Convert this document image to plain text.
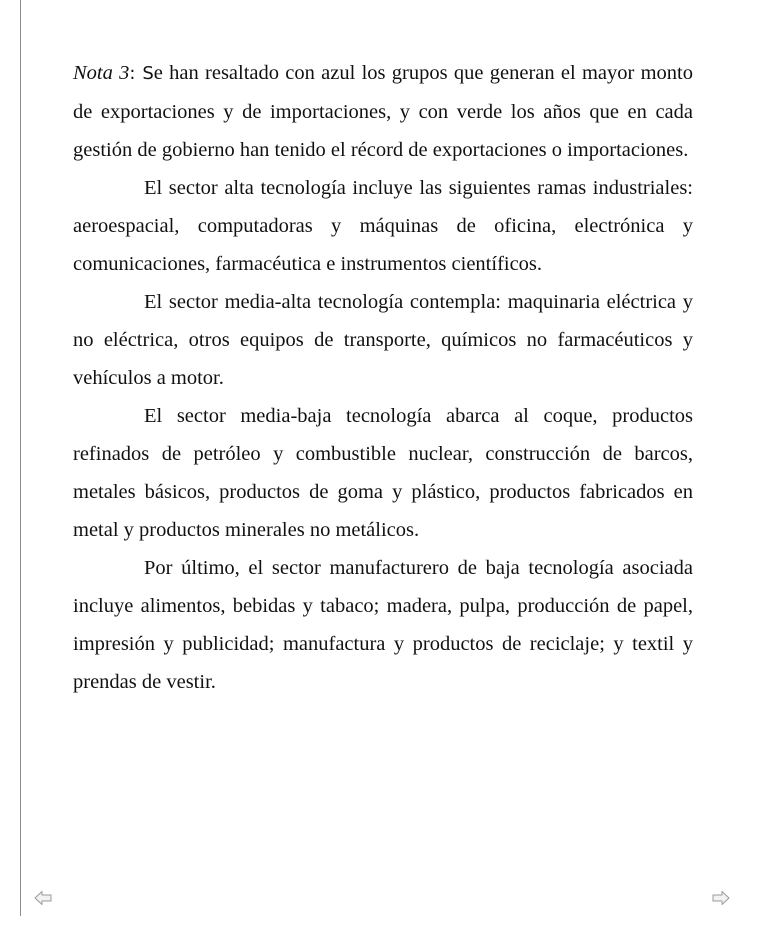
Nota 3: Se han resaltado con azul los grupos que generan el mayor monto de exportaciones y de importaciones, y con verde los años que en cada gestión de gobierno han tenido el récord de exportaciones o importaciones.

El sector alta tecnología incluye las siguientes ramas industriales: aeroespacial, computadoras y máquinas de oficina, electrónica y comunicaciones, farmacéutica e instrumentos científicos.

El sector media-alta tecnología contempla: maquinaria eléctrica y no eléctrica, otros equipos de transporte, químicos no farmacéuticos y vehículos a motor.

El sector media-baja tecnología abarca al coque, productos refinados de petróleo y combustible nuclear, construcción de barcos, metales básicos, productos de goma y plástico, productos fabricados en metal y productos minerales no metálicos.

Por último, el sector manufacturero de baja tecnología asociada incluye alimentos, bebidas y tabaco; madera, pulpa, producción de papel, impresión y publicidad; manufactura y productos de reciclaje; y textil y prendas de vestir.
